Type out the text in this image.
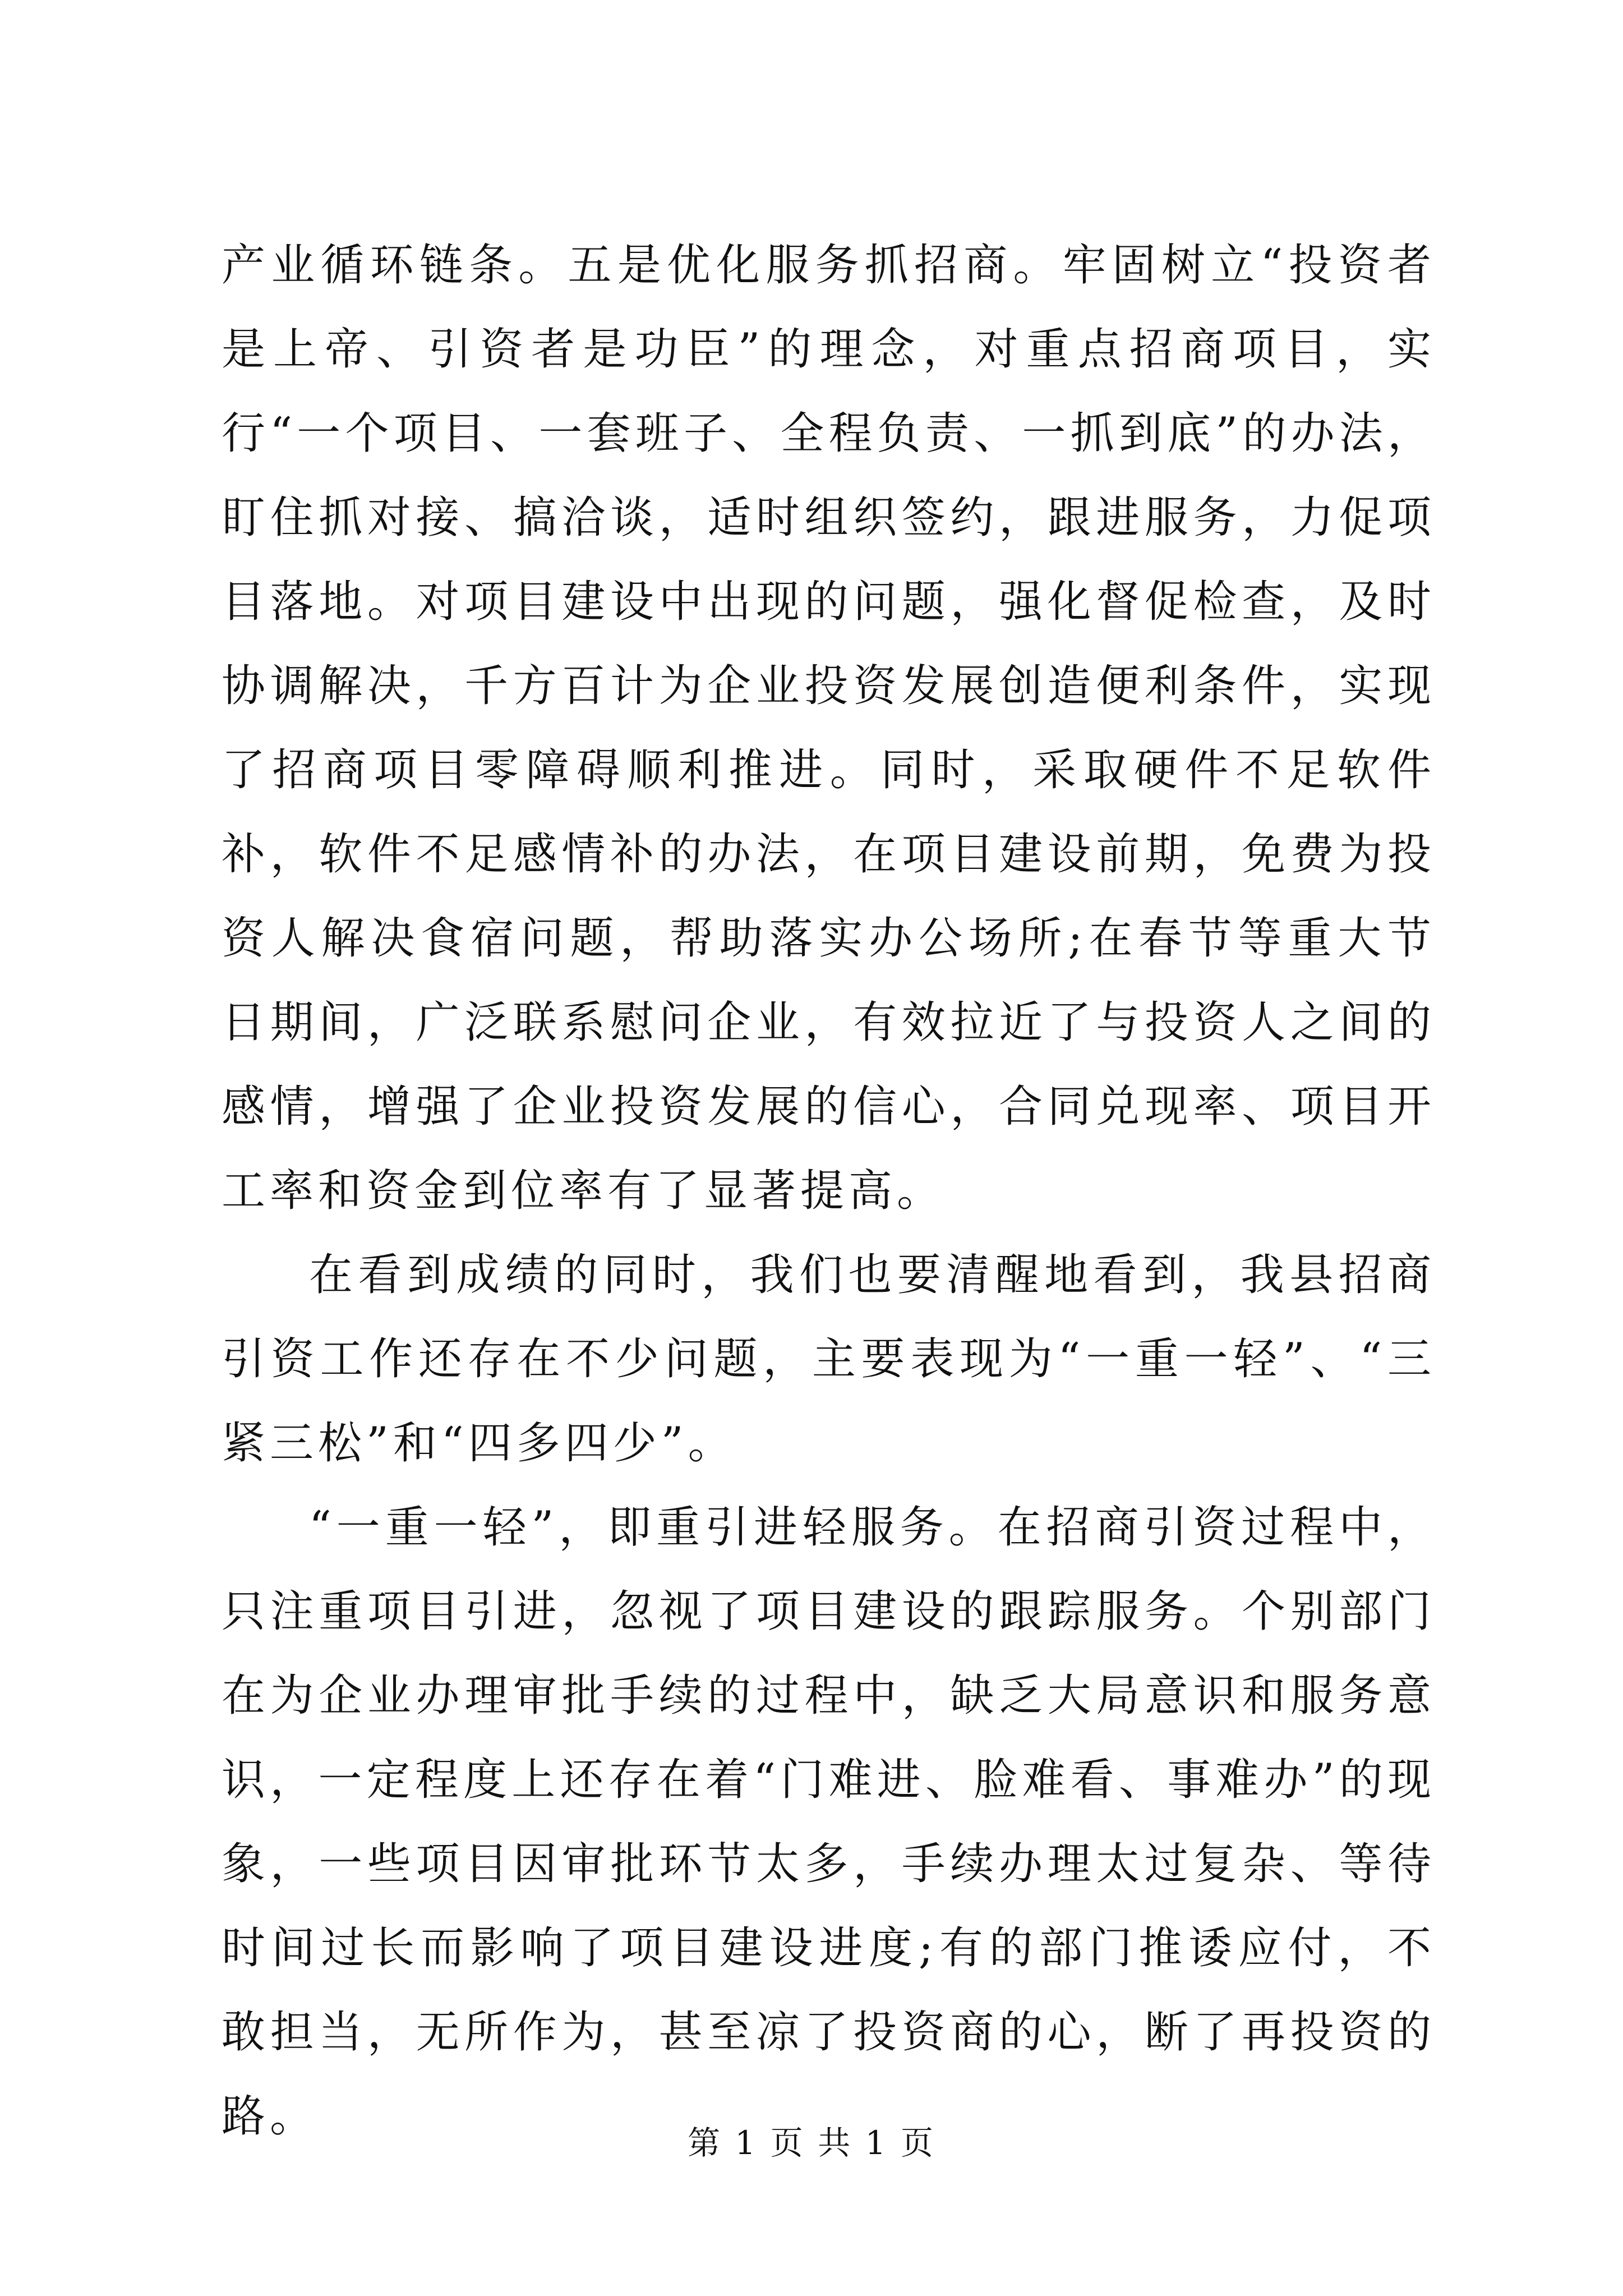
产业循环链条。五是优化服务抓招商。牢固树立“投资者是上帝、引资者是功臣”的理念，对重点招商项目，实行“一个项目、一套班子、全程负责、一抓到底”的办法，盯住抓对接、搞洽谈，适时组织签约，跟进服务，力促项目落地。对项目建设中出现的问题，强化督促检查，及时协调解决，千方百计为企业投资发展创造便利条件，实现了招商项目零障碍顺利推进。同时，采取硬件不足软件补，软件不足感情补的办法，在项目建设前期，免费为投资人解决食宿问题，帮助落实办公场所;在春节等重大节日期间，广泛联系慰问企业，有效拉近了与投资人之间的感情，增强了企业投资发展的信心，合同兑现率、项目开工率和资金到位率有了显著提高。

在看到成绩的同时，我们也要清醒地看到，我县招商引资工作还存在不少问题，主要表现为“一重一轻”、“三紧三松”和“四多四少”。

“一重一轻”，即重引进轻服务。在招商引资过程中，只注重项目引进，忽视了项目建设的跟踪服务。个别部门在为企业办理审批手续的过程中，缺乏大局意识和服务意识，一定程度上还存在着“门难进、脸难看、事难办”的现象，一些项目因审批环节太多，手续办理太过复杂、等待时间过长而影响了项目建设进度;有的部门推诿应付，不敢担当，无所作为，甚至凉了投资商的心，断了再投资的路。

第 1 页 共 1 页
